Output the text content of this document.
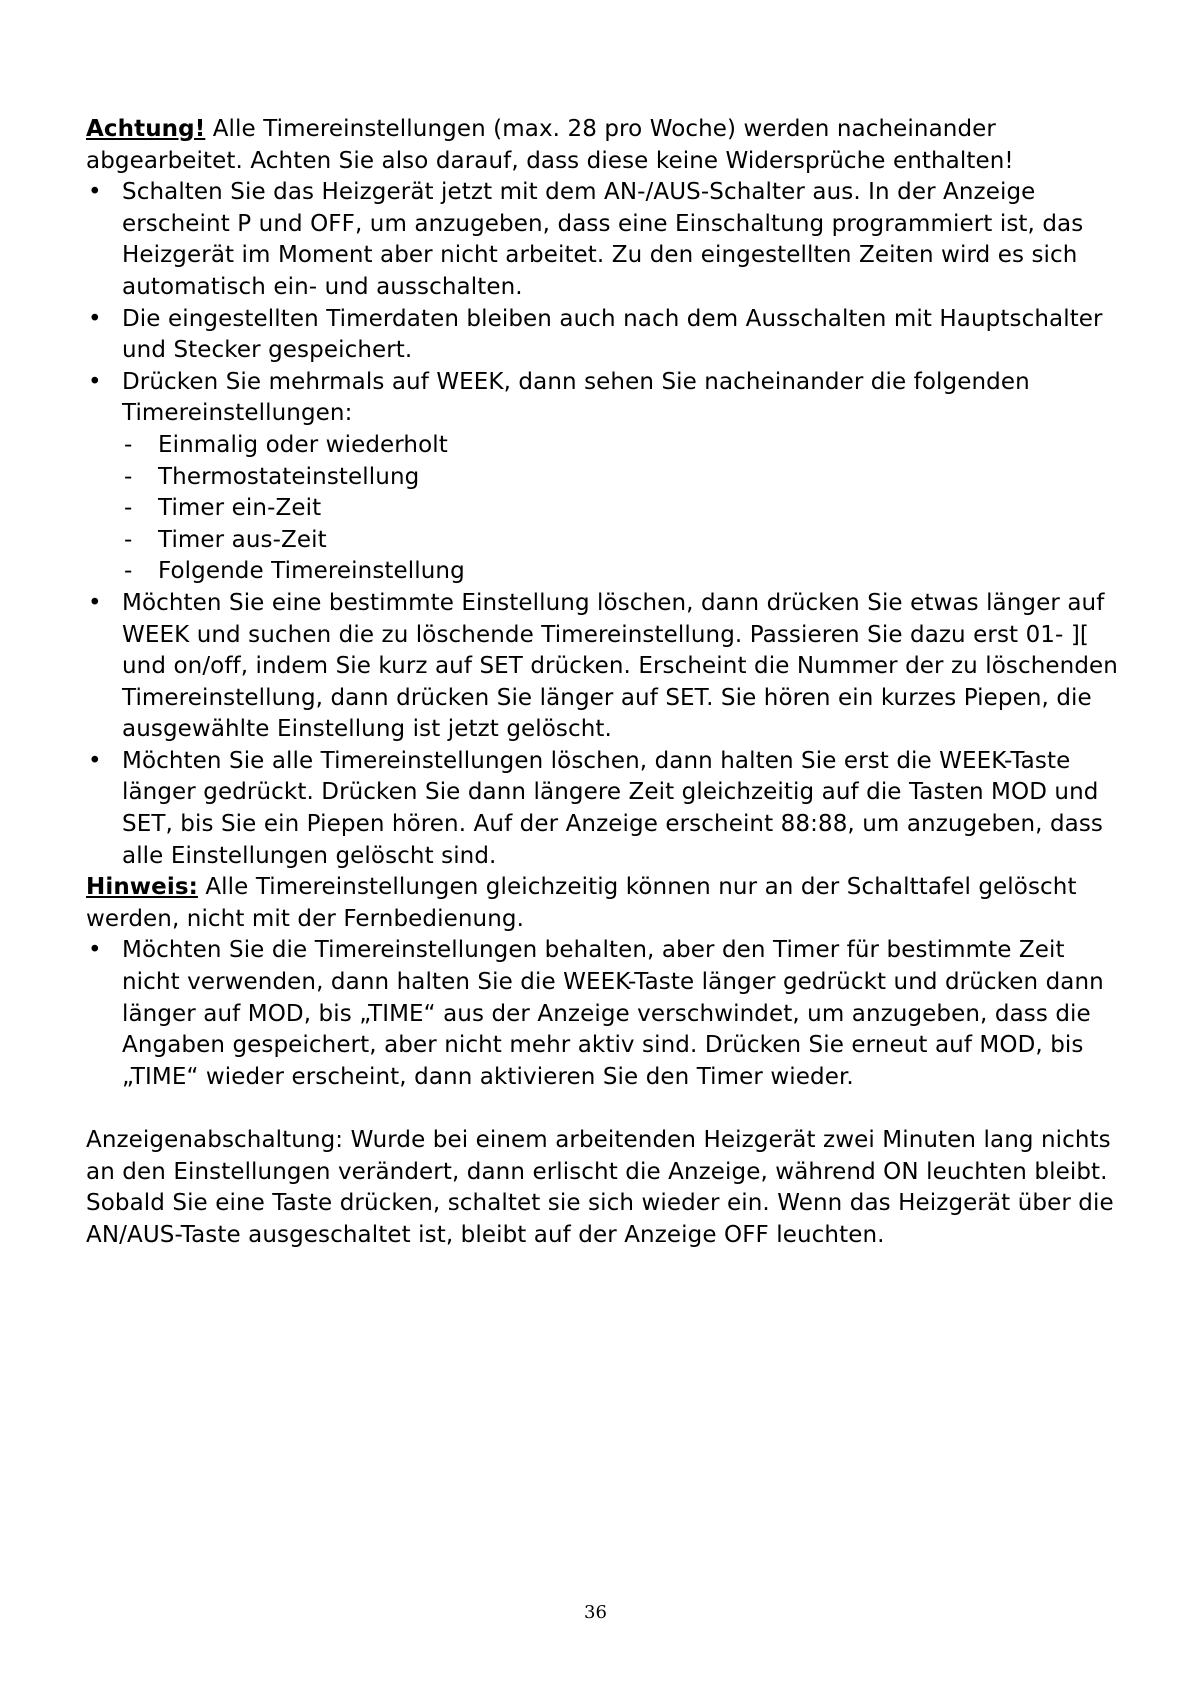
Achtung! Alle Timereinstellungen (max. 28 pro Woche) werden nacheinander abgearbeitet. Achten Sie also darauf, dass diese keine Widersprüche enthalten!

• Schalten Sie das Heizgerät jetzt mit dem AN-/AUS-Schalter aus. In der Anzeige erscheint P und OFF, um anzugeben, dass eine Einschaltung programmiert ist, das Heizgerät im Moment aber nicht arbeitet. Zu den eingestellten Zeiten wird es sich automatisch ein- und ausschalten.
• Die eingestellten Timerdaten bleiben auch nach dem Ausschalten mit Hauptschalter und Stecker gespeichert.
• Drücken Sie mehrmals auf WEEK, dann sehen Sie nacheinander die folgenden Timereinstellungen:
- Einmalig oder wiederholt
- Thermostateinstellung
- Timer ein-Zeit
- Timer aus-Zeit
- Folgende Timereinstellung
• Möchten Sie eine bestimmte Einstellung löschen, dann drücken Sie etwas länger auf WEEK und suchen die zu löschende Timereinstellung. Passieren Sie dazu erst 01- ][ und on/off, indem Sie kurz auf SET drücken. Erscheint die Nummer der zu löschenden Timereinstellung, dann drücken Sie länger auf SET. Sie hören ein kurzes Piepen, die ausgewählte Einstellung ist jetzt gelöscht.
• Möchten Sie alle Timereinstellungen löschen, dann halten Sie erst die WEEK-Taste länger gedrückt. Drücken Sie dann längere Zeit gleichzeitig auf die Tasten MOD und SET, bis Sie ein Piepen hören. Auf der Anzeige erscheint 88:88, um anzugeben, dass alle Einstellungen gelöscht sind.

Hinweis: Alle Timereinstellungen gleichzeitig können nur an der Schalttafel gelöscht werden, nicht mit der Fernbedienung.

• Möchten Sie die Timereinstellungen behalten, aber den Timer für bestimmte Zeit nicht verwenden, dann halten Sie die WEEK-Taste länger gedrückt und drücken dann länger auf MOD, bis „TIME“ aus der Anzeige verschwindet, um anzugeben, dass die Angaben gespeichert, aber nicht mehr aktiv sind. Drücken Sie erneut auf MOD, bis „TIME“ wieder erscheint, dann aktivieren Sie den Timer wieder.

Anzeigenabschaltung: Wurde bei einem arbeitenden Heizgerät zwei Minuten lang nichts an den Einstellungen verändert, dann erlischt die Anzeige, während ON leuchten bleibt. Sobald Sie eine Taste drücken, schaltet sie sich wieder ein. Wenn das Heizgerät über die AN/AUS-Taste ausgeschaltet ist, bleibt auf der Anzeige OFF leuchten.

36
